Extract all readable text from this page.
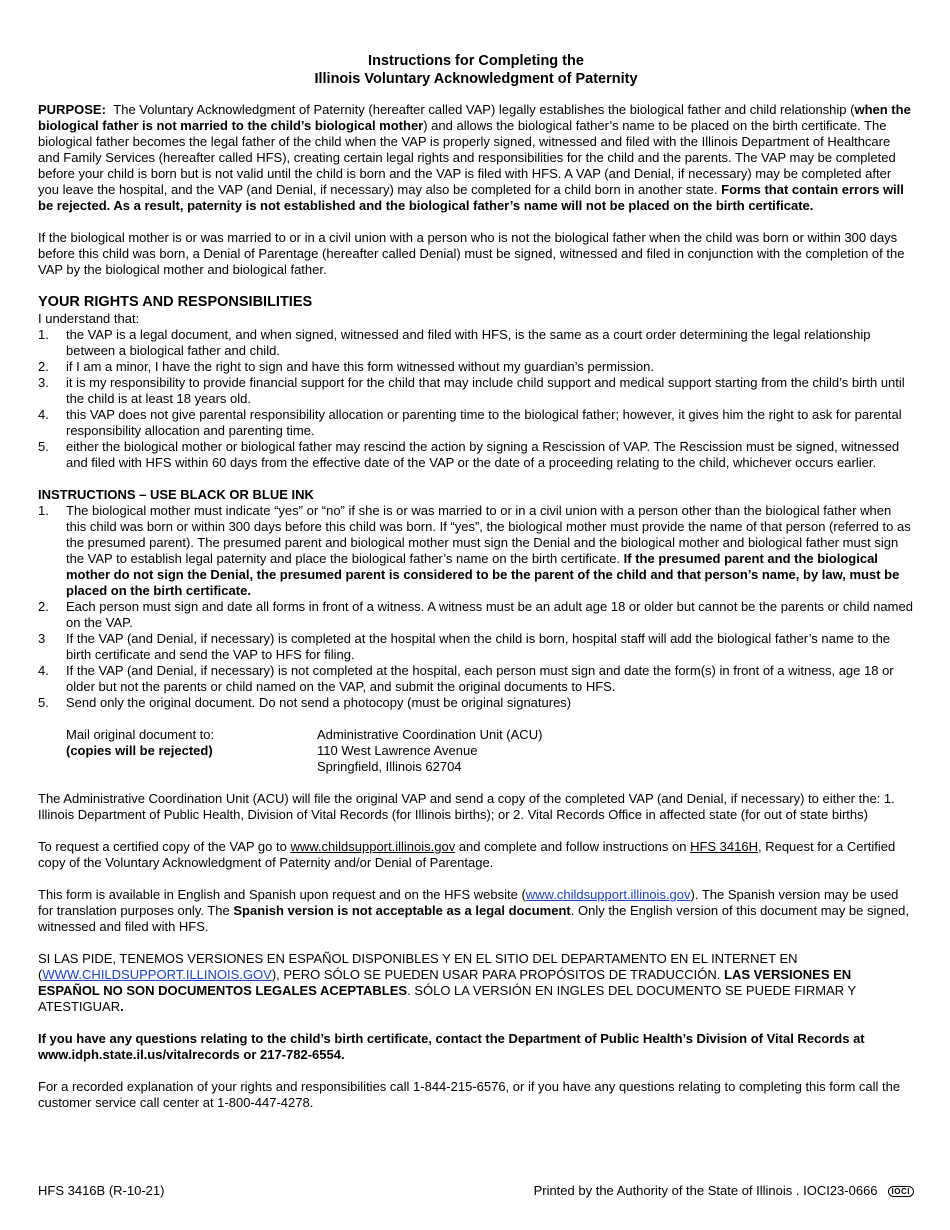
Instructions for Completing the
Illinois Voluntary Acknowledgment of Paternity

PURPOSE: The Voluntary Acknowledgment of Paternity (hereafter called VAP) legally establishes the biological father and child relationship (when the biological father is not married to the child’s biological mother) and allows the biological father’s name to be placed on the birth certificate. The biological father becomes the legal father of the child when the VAP is properly signed, witnessed and filed with the Illinois Department of Healthcare and Family Services (hereafter called HFS), creating certain legal rights and responsibilities for the child and the parents. The VAP may be completed before your child is born but is not valid until the child is born and the VAP is filed with HFS. A VAP (and Denial, if necessary) may be completed after you leave the hospital, and the VAP (and Denial, if necessary) may also be completed for a child born in another state. Forms that contain errors will be rejected. As a result, paternity is not established and the biological father’s name will not be placed on the birth certificate.

If the biological mother is or was married to or in a civil union with a person who is not the biological father when the child was born or within 300 days before this child was born, a Denial of Parentage (hereafter called Denial) must be signed, witnessed and filed in conjunction with the completion of the VAP by the biological mother and biological father.

YOUR RIGHTS AND RESPONSIBILITIES
I understand that:
1. the VAP is a legal document, and when signed, witnessed and filed with HFS, is the same as a court order determining the legal relationship between a biological father and child.
2. if I am a minor, I have the right to sign and have this form witnessed without my guardian’s permission.
3. it is my responsibility to provide financial support for the child that may include child support and medical support starting from the child’s birth until the child is at least 18 years old.
4. this VAP does not give parental responsibility allocation or parenting time to the biological father; however, it gives him the right to ask for parental responsibility allocation and parenting time.
5. either the biological mother or biological father may rescind the action by signing a Rescission of VAP. The Rescission must be signed, witnessed and filed with HFS within 60 days from the effective date of the VAP or the date of a proceeding relating to the child, whichever occurs earlier.
INSTRUCTIONS – USE BLACK OR BLUE INK
1. The biological mother must indicate “yes” or “no” if she is or was married to or in a civil union with a person other than the biological father when this child was born or within 300 days before this child was born. If “yes”, the biological mother must provide the name of that person (referred to as the presumed parent). The presumed parent and biological mother must sign the Denial and the biological mother and biological father must sign the VAP to establish legal paternity and place the biological father’s name on the birth certificate. If the presumed parent and the biological mother do not sign the Denial, the presumed parent is considered to be the parent of the child and that person’s name, by law, must be placed on the birth certificate.
2. Each person must sign and date all forms in front of a witness. A witness must be an adult age 18 or older but cannot be the parents or child named on the VAP.
3 If the VAP (and Denial, if necessary) is completed at the hospital when the child is born, hospital staff will add the biological father’s name to the birth certificate and send the VAP to HFS for filing.
4. If the VAP (and Denial, if necessary) is not completed at the hospital, each person must sign and date the form(s) in front of a witness, age 18 or older but not the parents or child named on the VAP, and submit the original documents to HFS.
5. Send only the original document. Do not send a photocopy (must be original signatures)
Mail original document to:
(copies will be rejected)
Administrative Coordination Unit (ACU)
110 West Lawrence Avenue
Springfield, Illinois 62704

The Administrative Coordination Unit (ACU) will file the original VAP and send a copy of the completed VAP (and Denial, if necessary) to either the: 1. Illinois Department of Public Health, Division of Vital Records (for Illinois births); or 2. Vital Records Office in affected state (for out of state births)

To request a certified copy of the VAP go to www.childsupport.illinois.gov and complete and follow instructions on HFS 3416H, Request for a Certified copy of the Voluntary Acknowledgment of Paternity and/or Denial of Parentage.

This form is available in English and Spanish upon request and on the HFS website (www.childsupport.illinois.gov). The Spanish version may be used for translation purposes only. The Spanish version is not acceptable as a legal document. Only the English version of this document may be signed, witnessed and filed with HFS.

SI LAS PIDE, TENEMOS VERSIONES EN ESPAÑOL DISPONIBLES Y EN EL SITIO DEL DEPARTAMENTO EN EL INTERNET EN (WWW.CHILDSUPPORT.ILLINOIS.GOV), PERO SÓLO SE PUEDEN USAR PARA PROPÓSITOS DE TRADUCCIÓN. LAS VERSIONES EN ESPAÑOL NO SON DOCUMENTOS LEGALES ACEPTABLES. SÓLO LA VERSIÓN EN INGLES DEL DOCUMENTO SE PUEDE FIRMAR Y ATESTIGUAR.

If you have any questions relating to the child’s birth certificate, contact the Department of Public Health’s Division of Vital Records at www.idph.state.il.us/vitalrecords or 217-782-6554.

For a recorded explanation of your rights and responsibilities call 1-844-215-6576, or if you have any questions relating to completing this form call the customer service call center at 1-800-447-4278.

HFS 3416B (R-10-21)	Printed by the Authority of the State of Illinois . IOCI23-0666	IOCI
